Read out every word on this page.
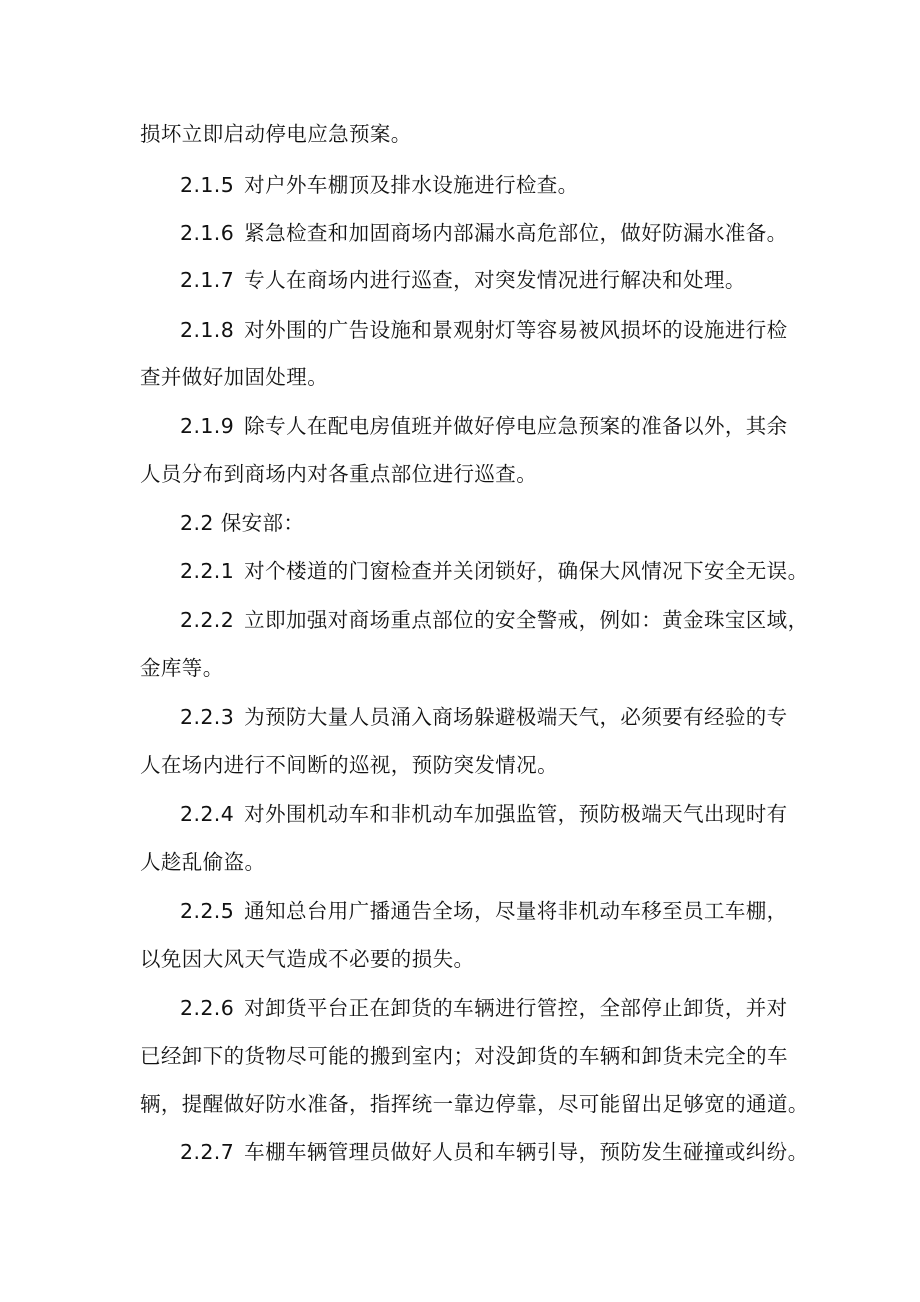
损坏立即启动停电应急预案。
2.1.5 对户外车棚顶及排水设施进行检查。
2.1.6 紧急检查和加固商场内部漏水高危部位，做好防漏水准备。
2.1.7 专人在商场内进行巡查，对突发情况进行解决和处理。
2.1.8 对外围的广告设施和景观射灯等容易被风损坏的设施进行检
查并做好加固处理。
2.1.9 除专人在配电房值班并做好停电应急预案的准备以外，其余
人员分布到商场内对各重点部位进行巡查。
2.2 保安部：
2.2.1 对个楼道的门窗检查并关闭锁好，确保大风情况下安全无误。
2.2.2 立即加强对商场重点部位的安全警戒，例如：黄金珠宝区域，
金库等。
2.2.3 为预防大量人员涌入商场躲避极端天气，必须要有经验的专
人在场内进行不间断的巡视，预防突发情况。
2.2.4 对外围机动车和非机动车加强监管，预防极端天气出现时有
人趁乱偷盗。
2.2.5 通知总台用广播通告全场，尽量将非机动车移至员工车棚，
以免因大风天气造成不必要的损失。
2.2.6 对卸货平台正在卸货的车辆进行管控，全部停止卸货，并对
已经卸下的货物尽可能的搬到室内；对没卸货的车辆和卸货未完全的车
辆，提醒做好防水准备，指挥统一靠边停靠，尽可能留出足够宽的通道。
2.2.7 车棚车辆管理员做好人员和车辆引导，预防发生碰撞或纠纷。
